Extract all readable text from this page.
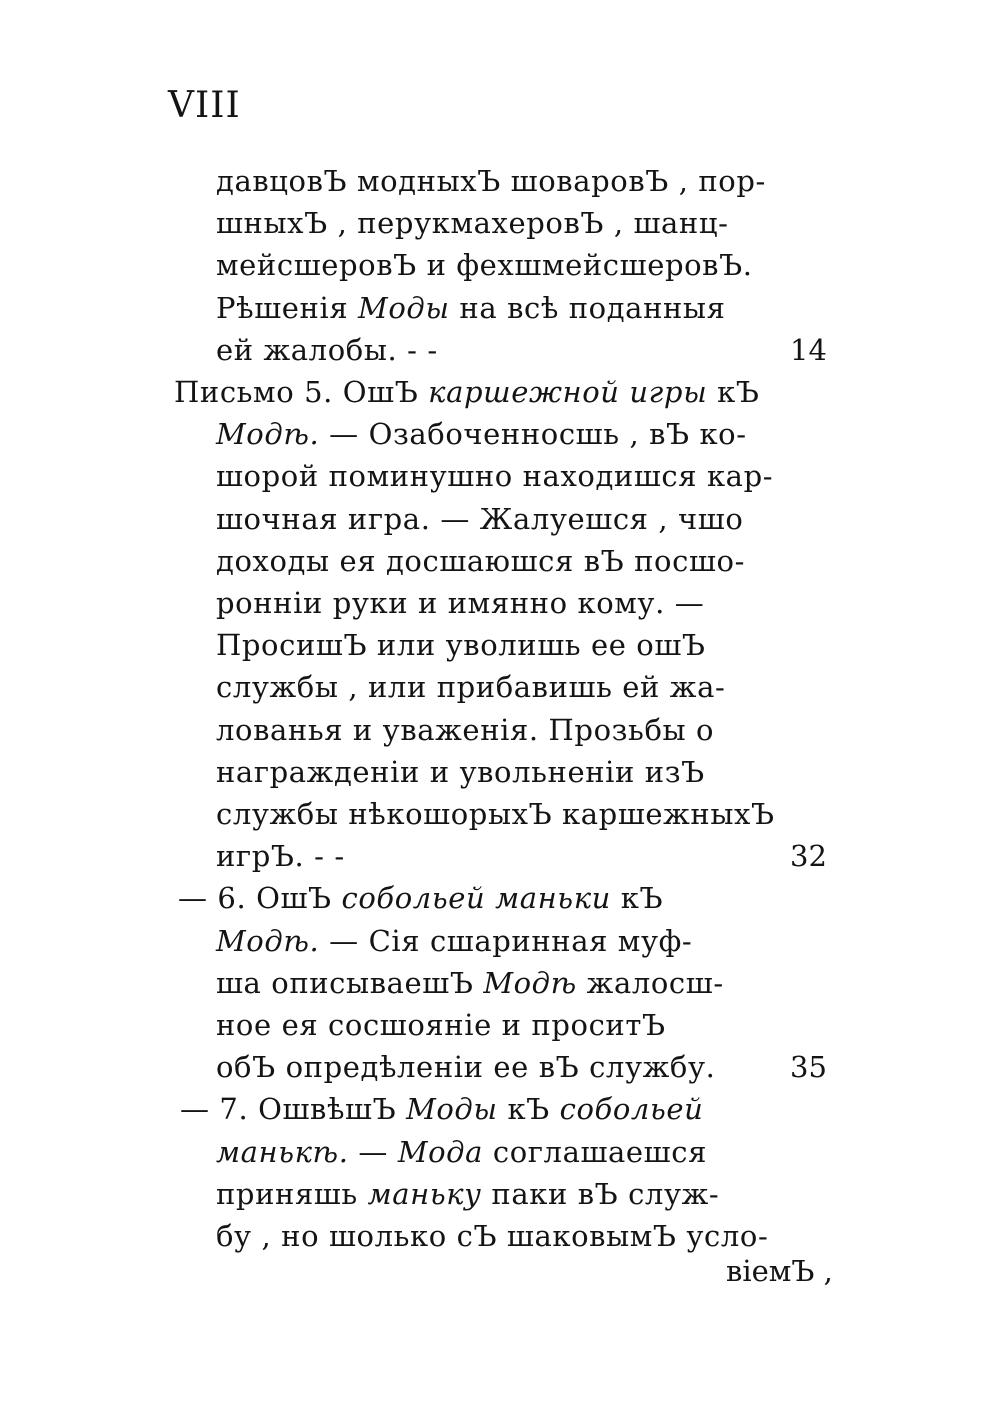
VIII
давцовЪ модныхЪ шоваровЪ , пор-
шныхЪ , перукмахеровЪ , шанц-
мейсшеровЪ и фехшмейсшеровЪ.
Рѣшенія Моды на всѣ поданныя
ей жалобы. - -	14
Письмо 5. ОшЪ каршежной игры кЪ
Модѣ. — Озабоченносшь , вЪ ко-
шорой поминушно находишся кар-
шочная игра. — Жалуешся , чшо
доходы ея досшаюшся вЪ посшо-
ронніи руки и имянно кому. —
ПросишЪ или уволишь ее ошЪ
службы , или прибавишь ей жа-
лованья и уваженія. Прозьбы о
награжденіи и увольненіи изЪ
службы нѣкошорыхЪ каршежныхЪ
игрЪ. - -	32
— 6. ОшЪ собольей маньки кЪ
Модѣ. — Сія сшаринная муф-
ша описываешЪ Модѣ жалосш-
ное ея сосшояніе и проситЪ
обЪ опредѣленіи ее вЪ службу.	35
— 7. ОшвѣшЪ Моды кЪ собольей
манькѣ. — Мода соглашаешся
приняшь маньку паки вЪ служ-
бу , но шолько сЪ шаковымЪ усло-
віемЪ ,
